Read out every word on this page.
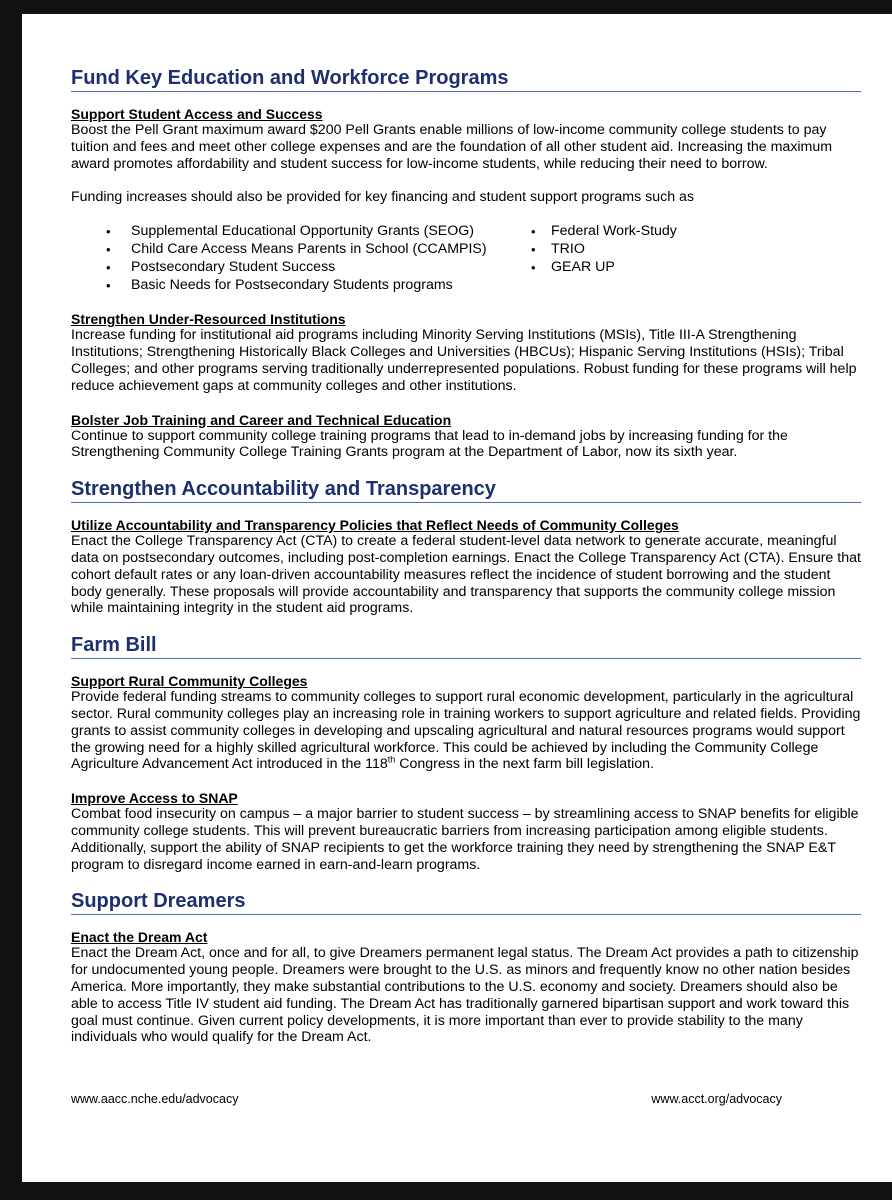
Fund Key Education and Workforce Programs
Support Student Access and Success

Boost the Pell Grant maximum award $200 Pell Grants enable millions of low-income community college students to pay tuition and fees and meet other college expenses and are the foundation of all other student aid. Increasing the maximum award promotes affordability and student success for low-income students, while reducing their need to borrow.

Funding increases should also be provided for key financing and student support programs such as

• Supplemental Educational Opportunity Grants (SEOG)
• Child Care Access Means Parents in School (CCAMPIS)
• Postsecondary Student Success
• Basic Needs for Postsecondary Students programs
• Federal Work-Study
• TRIO
• GEAR UP
Strengthen Under-Resourced Institutions

Increase funding for institutional aid programs including Minority Serving Institutions (MSIs), Title III-A Strengthening Institutions; Strengthening Historically Black Colleges and Universities (HBCUs); Hispanic Serving Institutions (HSIs); Tribal Colleges; and other programs serving traditionally underrepresented populations. Robust funding for these programs will help reduce achievement gaps at community colleges and other institutions.

Bolster Job Training and Career and Technical Education

Continue to support community college training programs that lead to in-demand jobs by increasing funding for the Strengthening Community College Training Grants program at the Department of Labor, now its sixth year.

Strengthen Accountability and Transparency
Utilize Accountability and Transparency Policies that Reflect Needs of Community Colleges

Enact the College Transparency Act (CTA) to create a federal student-level data network to generate accurate, meaningful data on postsecondary outcomes, including post-completion earnings. Enact the College Transparency Act (CTA). Ensure that cohort default rates or any loan-driven accountability measures reflect the incidence of student borrowing and the student body generally. These proposals will provide accountability and transparency that supports the community college mission while maintaining integrity in the student aid programs.

Farm Bill
Support Rural Community Colleges

Provide federal funding streams to community colleges to support rural economic development, particularly in the agricultural sector. Rural community colleges play an increasing role in training workers to support agriculture and related fields. Providing grants to assist community colleges in developing and upscaling agricultural and natural resources programs would support the growing need for a highly skilled agricultural workforce. This could be achieved by including the Community College Agriculture Advancement Act introduced in the 118th Congress in the next farm bill legislation.

Improve Access to SNAP

Combat food insecurity on campus – a major barrier to student success – by streamlining access to SNAP benefits for eligible community college students. This will prevent bureaucratic barriers from increasing participation among eligible students. Additionally, support the ability of SNAP recipients to get the workforce training they need by strengthening the SNAP E&T program to disregard income earned in earn-and-learn programs.

Support Dreamers
Enact the Dream Act

Enact the Dream Act, once and for all, to give Dreamers permanent legal status. The Dream Act provides a path to citizenship for undocumented young people. Dreamers were brought to the U.S. as minors and frequently know no other nation besides America. More importantly, they make substantial contributions to the U.S. economy and society. Dreamers should also be able to access Title IV student aid funding. The Dream Act has traditionally garnered bipartisan support and work toward this goal must continue. Given current policy developments, it is more important than ever to provide stability to the many individuals who would qualify for the Dream Act.

www.aacc.nche.edu/advocacy	www.acct.org/advocacy
